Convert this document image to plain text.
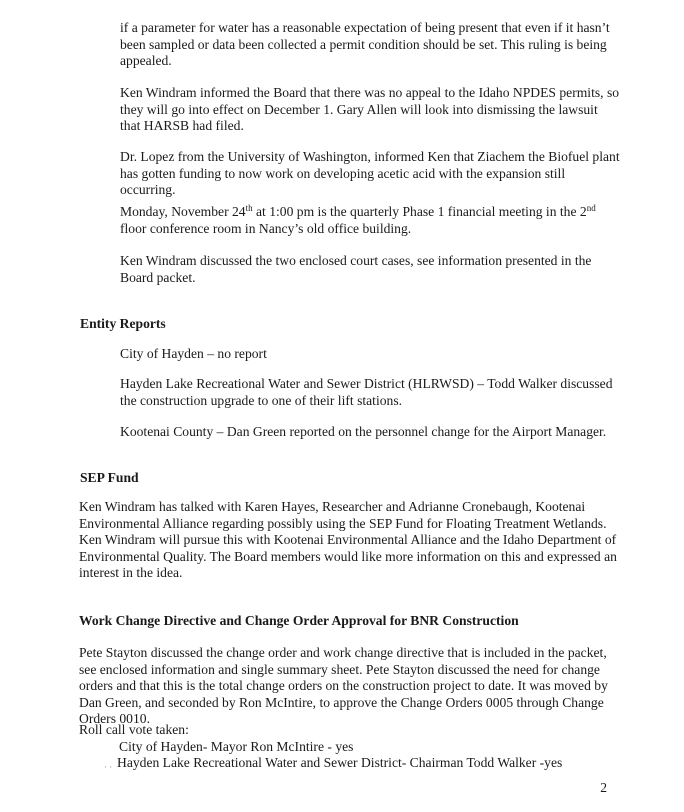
if a parameter for water has a reasonable expectation of being present that even if it hasn’t been sampled or data been collected a permit condition should be set. This ruling is being appealed.

Ken Windram informed the Board that there was no appeal to the Idaho NPDES permits, so they will go into effect on December 1. Gary Allen will look into dismissing the lawsuit that HARSB had filed.

Dr. Lopez from the University of Washington, informed Ken that Ziachem the Biofuel plant has gotten funding to now work on developing acetic acid with the expansion still occurring.

Monday, November 24th at 1:00 pm is the quarterly Phase 1 financial meeting in the 2nd floor conference room in Nancy’s old office building.

Ken Windram discussed the two enclosed court cases, see information presented in the Board packet.

Entity Reports

City of Hayden – no report

Hayden Lake Recreational Water and Sewer District (HLRWSD) – Todd Walker discussed the construction upgrade to one of their lift stations.

Kootenai County – Dan Green reported on the personnel change for the Airport Manager.

SEP Fund

Ken Windram has talked with Karen Hayes, Researcher and Adrianne Cronebaugh, Kootenai Environmental Alliance regarding possibly using the SEP Fund for Floating Treatment Wetlands. Ken Windram will pursue this with Kootenai Environmental Alliance and the Idaho Department of Environmental Quality. The Board members would like more information on this and expressed an interest in the idea.

Work Change Directive and Change Order Approval for BNR Construction

Pete Stayton discussed the change order and work change directive that is included in the packet, see enclosed information and single summary sheet. Pete Stayton discussed the need for change orders and that this is the total change orders on the construction project to date. It was moved by Dan Green, and seconded by Ron McIntire, to approve the Change Orders 0005 through Change Orders 0010.

Roll call vote taken:

City of Hayden- Mayor Ron McIntire - yes

· · Hayden Lake Recreational Water and Sewer District- Chairman Todd Walker -yes

2
